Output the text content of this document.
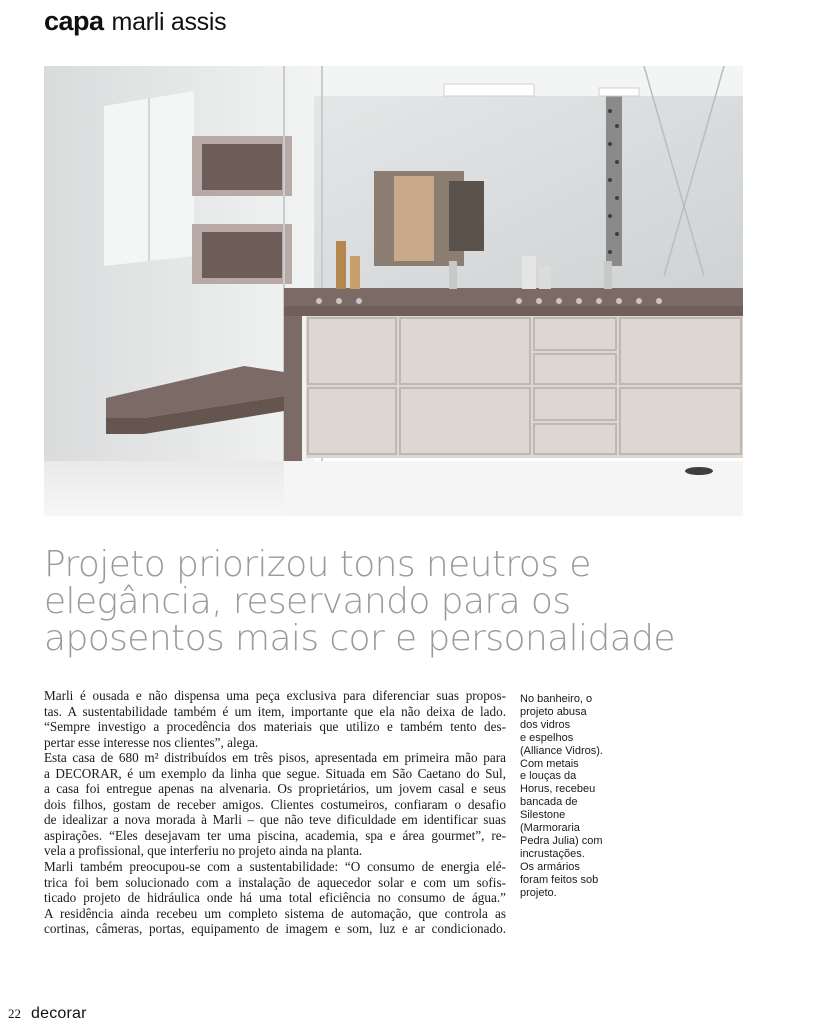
capa marli assis
Projeto priorizou tons neutros e
elegância, reservando para os
aposentos mais cor e personalidade
Marli é ousada e não dispensa uma peça exclusiva para diferenciar suas propos-
tas. A sustentabilidade também é um item, importante que ela não deixa de lado.
“Sempre investigo a procedência dos materiais que utilizo e também tento des-
pertar esse interesse nos clientes”, alega.
Esta casa de 680 m² distribuídos em três pisos, apresentada em primeira mão para
a DECORAR, é um exemplo da linha que segue. Situada em São Caetano do Sul,
a casa foi entregue apenas na alvenaria. Os proprietários, um jovem casal e seus
dois filhos, gostam de receber amigos. Clientes costumeiros, confiaram o desafio
de idealizar a nova morada à Marli – que não teve dificuldade em identificar suas
aspirações. “Eles desejavam ter uma piscina, academia, spa e área gourmet”, re-
vela a profissional, que interferiu no projeto ainda na planta.
Marli também preocupou-se com a sustentabilidade: “O consumo de energia elé-
trica foi bem solucionado com a instalação de aquecedor solar e com um sofis-
ticado projeto de hidráulica onde há uma total eficiência no consumo de água.”
A residência ainda recebeu um completo sistema de automação, que controla as
cortinas, câmeras, portas, equipamento de imagem e som, luz e ar condicionado.
No banheiro, o
projeto abusa
dos vidros
e espelhos
(Alliance Vidros).
Com metais
e louças da
Horus, recebeu
bancada de
Silestone
(Marmoraria
Pedra Julia) com
incrustações.
Os armários
foram feitos sob
projeto.
22 decorar
